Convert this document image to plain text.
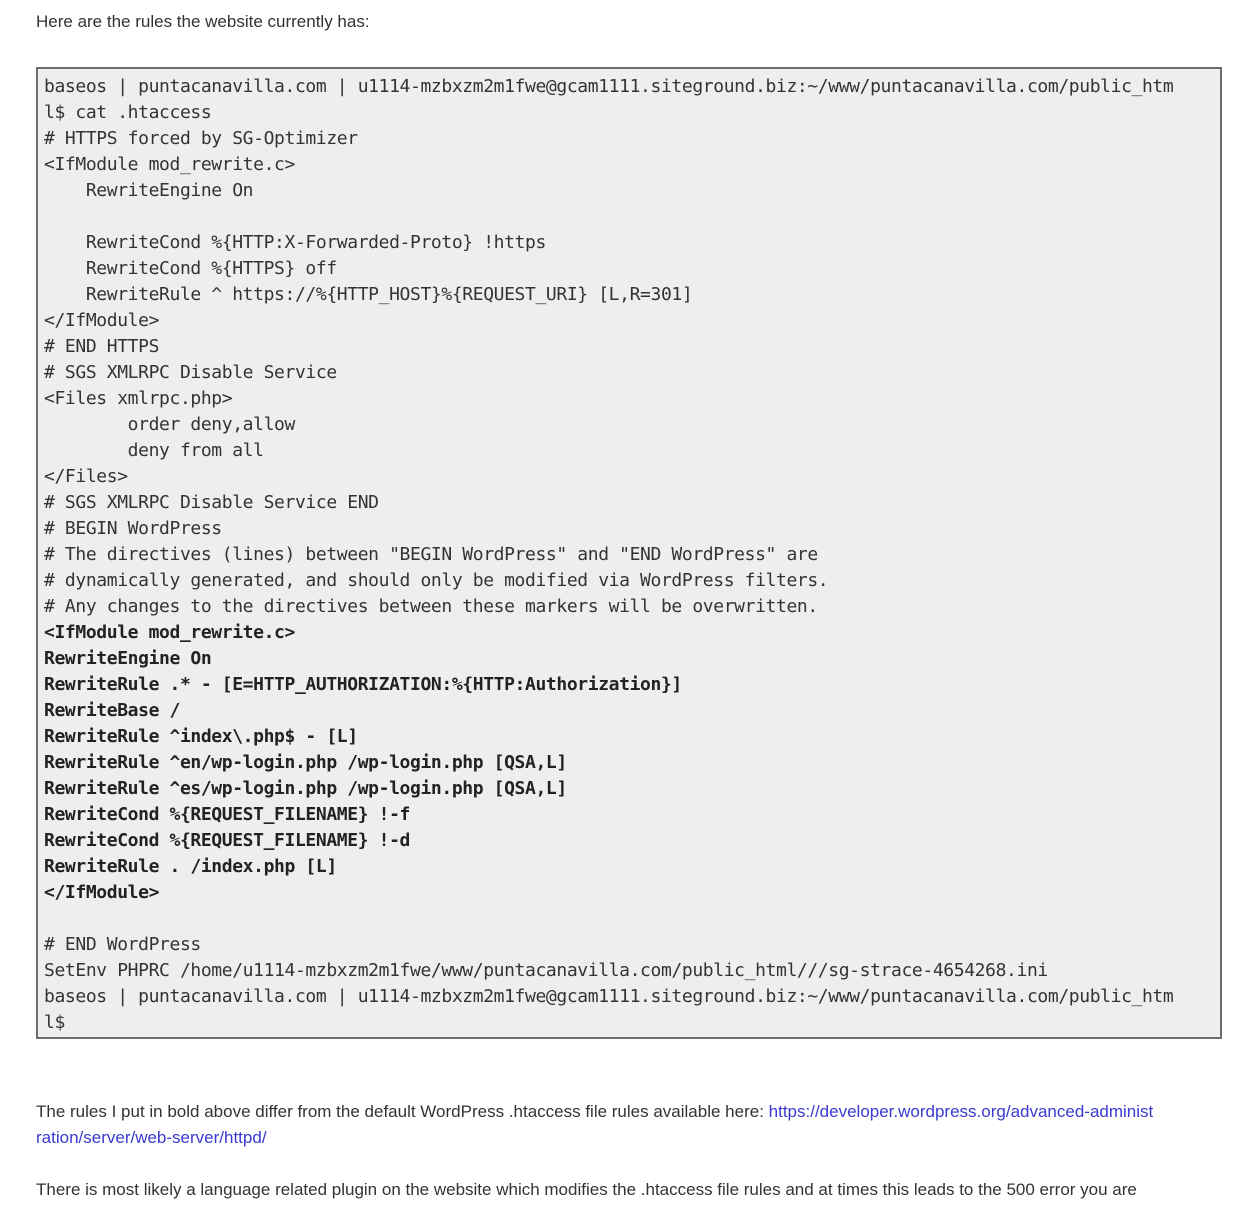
Here are the rules the website currently has:
baseos | puntacanavilla.com | u1114-mzbxzm2m1fwe@gcam1111.siteground.biz:~/www/puntacanavilla.com/public_htm
l$ cat .htaccess
# HTTPS forced by SG-Optimizer
<IfModule mod_rewrite.c>
RewriteEngine On
RewriteCond %{HTTP:X-Forwarded-Proto} !https
RewriteCond %{HTTPS} off
RewriteRule ^ https://%{HTTP_HOST}%{REQUEST_URI} [L,R=301]
</IfModule>
# END HTTPS
# SGS XMLRPC Disable Service
<Files xmlrpc.php>
order deny,allow
deny from all
</Files>
# SGS XMLRPC Disable Service END
# BEGIN WordPress
# The directives (lines) between "BEGIN WordPress" and "END WordPress" are
# dynamically generated, and should only be modified via WordPress filters.
# Any changes to the directives between these markers will be overwritten.
<IfModule mod_rewrite.c>
RewriteEngine On
RewriteRule .* - [E=HTTP_AUTHORIZATION:%{HTTP:Authorization}]
RewriteBase /
RewriteRule ^index\.php$ - [L]
RewriteRule ^en/wp-login.php /wp-login.php [QSA,L]
RewriteRule ^es/wp-login.php /wp-login.php [QSA,L]
RewriteCond %{REQUEST_FILENAME} !-f
RewriteCond %{REQUEST_FILENAME} !-d
RewriteRule . /index.php [L]
</IfModule>
# END WordPress
SetEnv PHPRC /home/u1114-mzbxzm2m1fwe/www/puntacanavilla.com/public_html///sg-strace-4654268.ini
baseos | puntacanavilla.com | u1114-mzbxzm2m1fwe@gcam1111.siteground.biz:~/www/puntacanavilla.com/public_htm
l$
The rules I put in bold above differ from the default WordPress .htaccess file rules available here: https://developer.wordpress.org/advanced-administ
ration/server/web-server/httpd/
There is most likely a language related plugin on the website which modifies the .htaccess file rules and at times this leads to the 500 error you are
